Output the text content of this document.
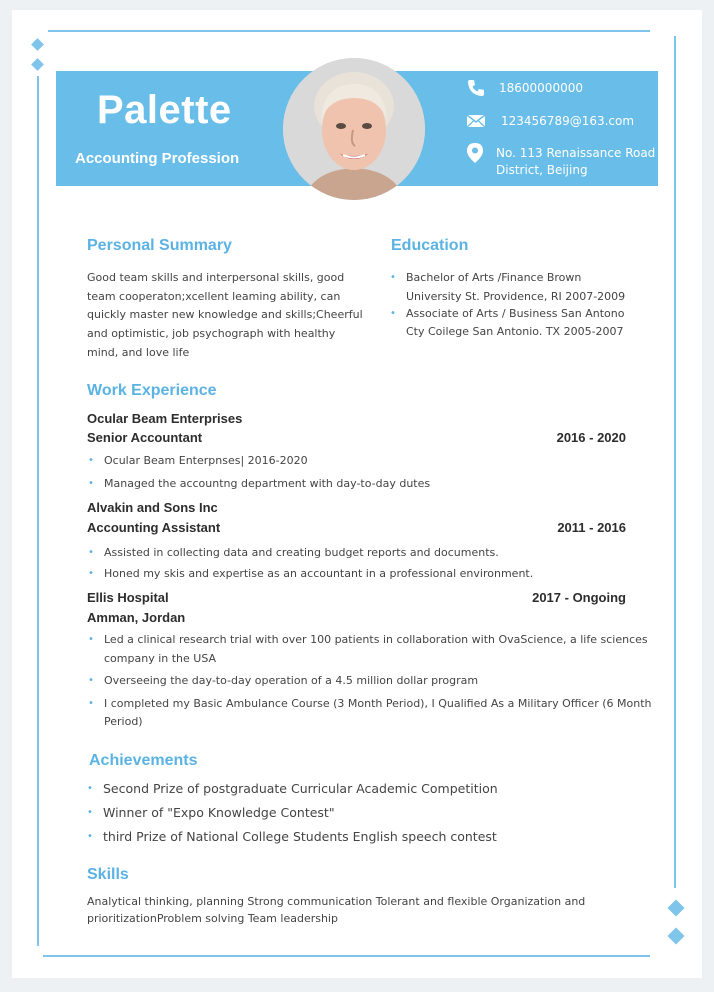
Palette
Accounting Profession
18600000000
123456789@163.com
No. 113 Renaissance Road
District, Beijing
Personal Summary
Good team skills and interpersonal skills, good
team cooperaton;xcellent leaming ability, can
quickly master new knowledge and skills;Cheerful
and optimistic, job psychograph with healthy
mind, and love life
Education
• Bachelor of Arts /Finance Brown
University St. Providence, RI 2007-2009
• Associate of Arts / Business San Antono
Cty Coilege San Antonio. TX 2005-2007
Work Experience
Ocular Beam Enterprises
Senior Accountant	2016 - 2020
• Ocular Beam Enterpnses| 2016-2020
• Managed the accountng department with day-to-day dutes
Alvakin and Sons Inc
Accounting Assistant	2011 - 2016
• Assisted in collecting data and creating budget reports and documents.
• Honed my skis and expertise as an accountant in a professional environment.
Ellis Hospital	2017 - Ongoing
Amman, Jordan
• Led a clinical research trial with over 100 patients in collaboration with OvaScience, a life sciences
company in the USA
• Overseeing the day-to-day operation of a 4.5 million dollar program
• I completed my Basic Ambulance Course (3 Month Period), I Qualified As a Military Officer (6 Month
Period)
Achievements
• Second Prize of postgraduate Curricular Academic Competition
• Winner of "Expo Knowledge Contest"
• third Prize of National College Students English speech contest
Skills
Analytical thinking, planning Strong communication Tolerant and flexible Organization and
prioritizationProblem solving Team leadership
